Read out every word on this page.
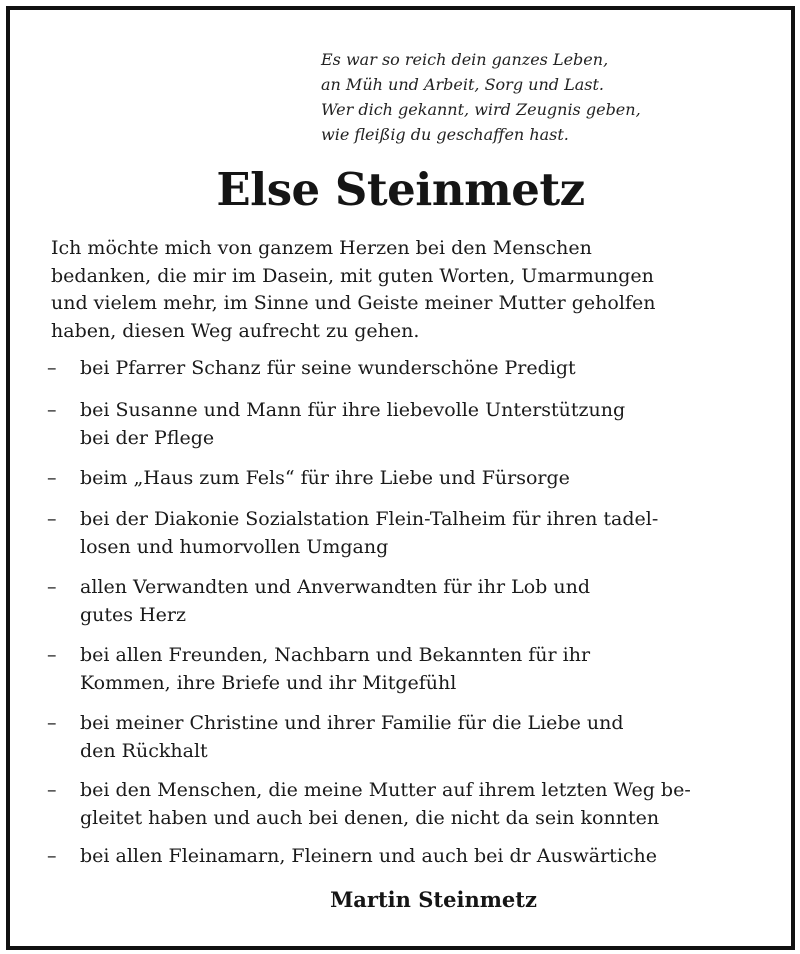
Es war so reich dein ganzes Leben,
an Müh und Arbeit, Sorg und Last.
Wer dich gekannt, wird Zeugnis geben,
wie fleißig du geschaffen hast.
Else Steinmetz
Ich möchte mich von ganzem Herzen bei den Menschen
bedanken, die mir im Dasein, mit guten Worten, Umarmungen
und vielem mehr, im Sinne und Geiste meiner Mutter geholfen
haben, diesen Weg aufrecht zu gehen.
– bei Pfarrer Schanz für seine wunderschöne Predigt
– bei Susanne und Mann für ihre liebevolle Unterstützung
bei der Pflege
– beim „Haus zum Fels“ für ihre Liebe und Fürsorge
– bei der Diakonie Sozialstation Flein-Talheim für ihren tadel-
losen und humorvollen Umgang
– allen Verwandten und Anverwandten für ihr Lob und
gutes Herz
– bei allen Freunden, Nachbarn und Bekannten für ihr
Kommen, ihre Briefe und ihr Mitgefühl
– bei meiner Christine und ihrer Familie für die Liebe und
den Rückhalt
– bei den Menschen, die meine Mutter auf ihrem letzten Weg be-
gleitet haben und auch bei denen, die nicht da sein konnten
– bei allen Fleinamarn, Fleinern und auch bei dr Auswärtiche
Martin Steinmetz
